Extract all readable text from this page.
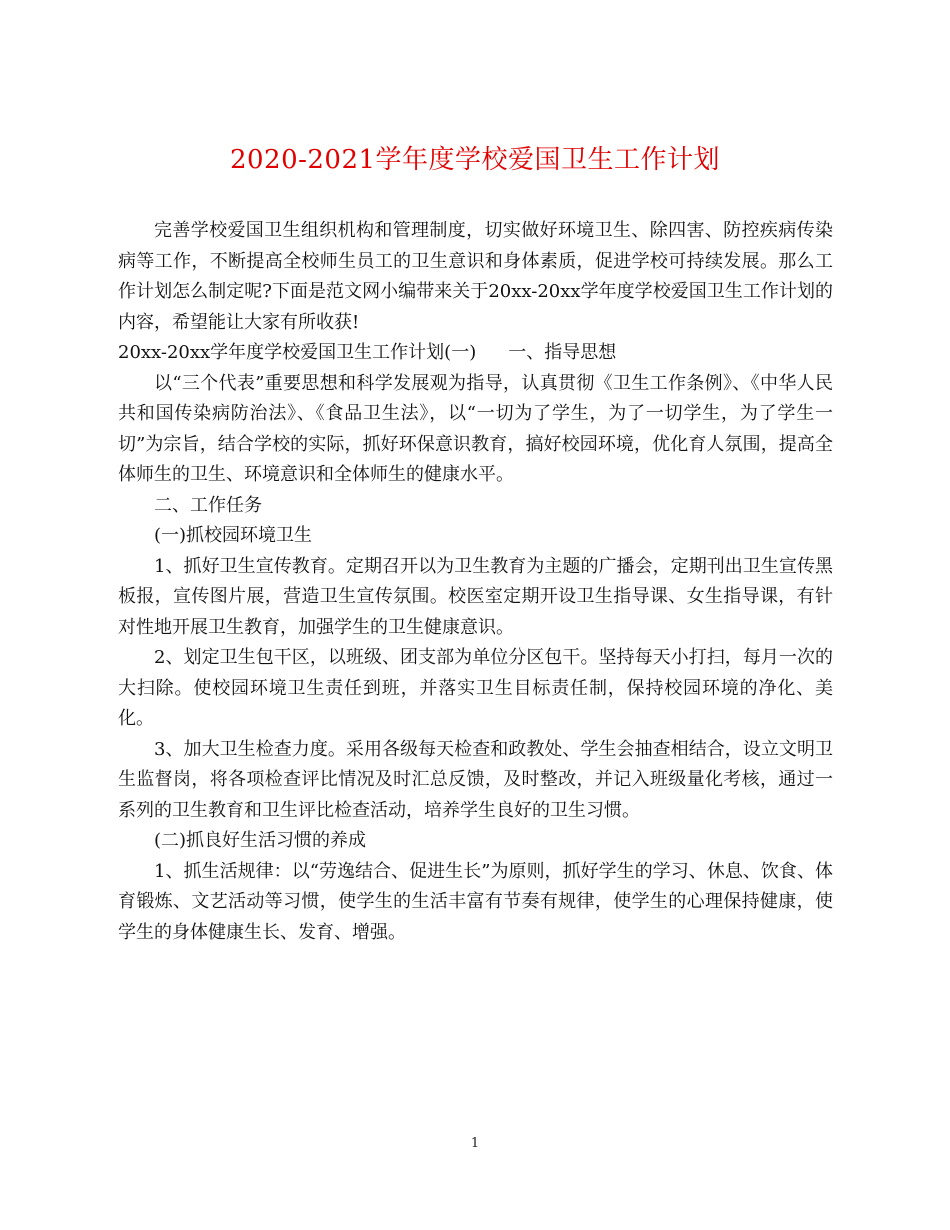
2020-2021学年度学校爱国卫生工作计划

完善学校爱国卫生组织机构和管理制度，切实做好环境卫生、除四害、防控疾病传染病等工作，不断提高全校师生员工的卫生意识和身体素质，促进学校可持续发展。那么工作计划怎么制定呢?下面是范文网小编带来关于20xx-20xx学年度学校爱国卫生工作计划的内容，希望能让大家有所收获!

20xx-20xx学年度学校爱国卫生工作计划(一) 一、指导思想

以“三个代表”重要思想和科学发展观为指导，认真贯彻《卫生工作条例》、《中华人民共和国传染病防治法》、《食品卫生法》，以“一切为了学生，为了一切学生，为了学生一切”为宗旨，结合学校的实际，抓好环保意识教育，搞好校园环境，优化育人氛围，提高全体师生的卫生、环境意识和全体师生的健康水平。

二、工作任务

(一)抓校园环境卫生

1、抓好卫生宣传教育。定期召开以为卫生教育为主题的广播会，定期刊出卫生宣传黑板报，宣传图片展，营造卫生宣传氛围。校医室定期开设卫生指导课、女生指导课，有针对性地开展卫生教育，加强学生的卫生健康意识。

2、划定卫生包干区，以班级、团支部为单位分区包干。坚持每天小打扫，每月一次的大扫除。使校园环境卫生责任到班，并落实卫生目标责任制，保持校园环境的净化、美化。

3、加大卫生检查力度。采用各级每天检查和政教处、学生会抽查相结合，设立文明卫生监督岗，将各项检查评比情况及时汇总反馈，及时整改，并记入班级量化考核，通过一系列的卫生教育和卫生评比检查活动，培养学生良好的卫生习惯。

(二)抓良好生活习惯的养成

1、抓生活规律：以“劳逸结合、促进生长”为原则，抓好学生的学习、休息、饮食、体育锻炼、文艺活动等习惯，使学生的生活丰富有节奏有规律，使学生的心理保持健康，使学生的身体健康生长、发育、增强。

1
